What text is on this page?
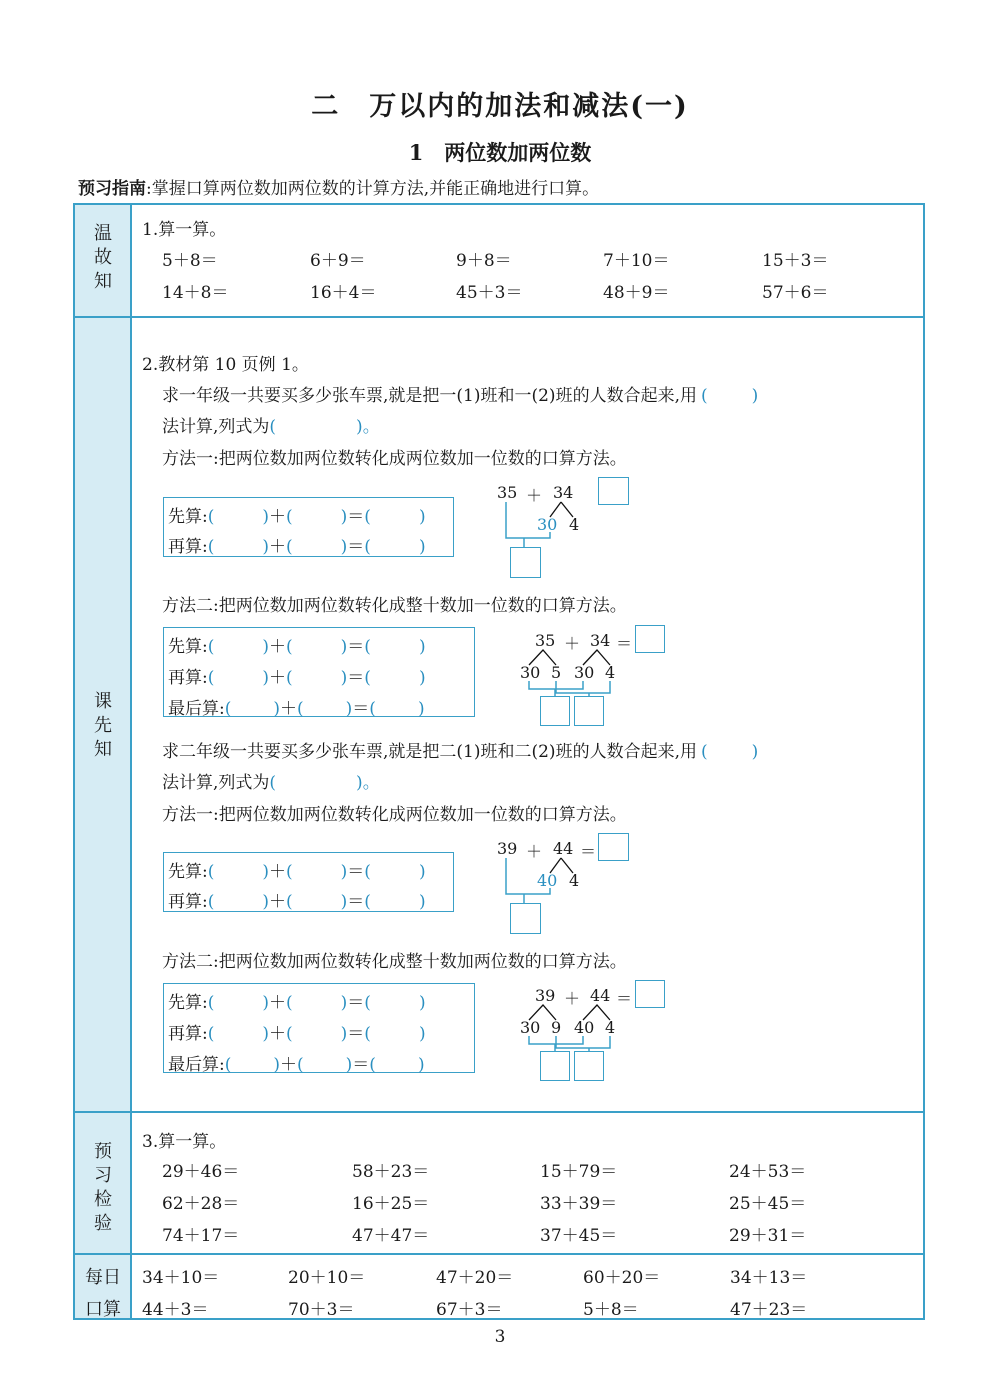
二　万以内的加法和减法(一)
1　两位数加两位数
预习指南:掌握口算两位数加两位数的计算方法,并能正确地进行口算。
温
故
知
课
先
知
预
习
检
验
每日
口算
1.算一算。
5＋8＝	6＋9＝	9＋8＝	7＋10＝	15＋3＝
14＋8＝	16＋4＝	45＋3＝	48＋9＝	57＋6＝
2.教材第 10 页例 1。
求一年级一共要买多少张车票,就是把一(1)班和一(2)班的人数合起来,用 (	)
法计算,列式为(	)。
方法一:把两位数加两位数转化成两位数加一位数的口算方法。
先算:(	)＋(	)＝(	)
再算:(	)＋(	)＝(	)
35 ＋ 34
30 4
方法二:把两位数加两位数转化成整十数加一位数的口算方法。
先算:(	)＋(	)＝(	)
再算:(	)＋(	)＝(	)
最后算:( )＋( )＝( )
35 ＋ 34 ＝
30 5 30 4
求二年级一共要买多少张车票,就是把二(1)班和二(2)班的人数合起来,用 (	)
法计算,列式为(	)。
方法一:把两位数加两位数转化成两位数加一位数的口算方法。
先算:(	)＋(	)＝(	)
再算:(	)＋(	)＝(	)
39 ＋ 44 ＝
40 4
方法二:把两位数加两位数转化成整十数加两位数的口算方法。
先算:(	)＋(	)＝(	)
再算:(	)＋(	)＝(	)
最后算:( )＋( )＝( )
39 ＋ 44 ＝
30 9 40 4
3.算一算。
29＋46＝	58＋23＝	15＋79＝	24＋53＝
62＋28＝	16＋25＝	33＋39＝	25＋45＝
74＋17＝	47＋47＝	37＋45＝	29＋31＝
34＋10＝	20＋10＝	47＋20＝	60＋20＝	34＋13＝
44＋3＝	70＋3＝	67＋3＝	5＋8＝	47＋23＝
3
